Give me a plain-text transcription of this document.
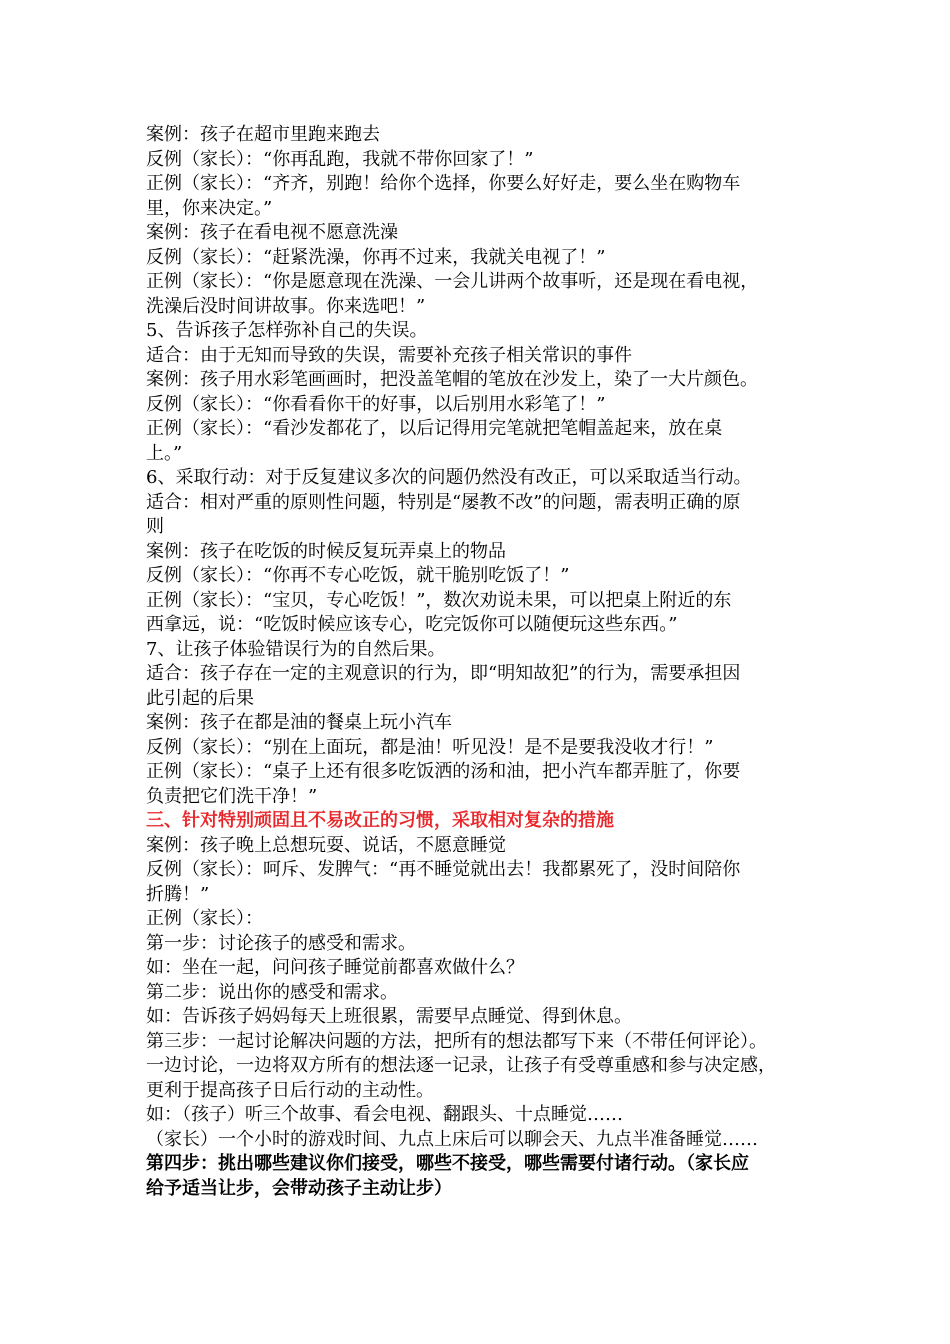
案例：孩子在超市里跑来跑去

反例（家长）：“你再乱跑，我就不带你回家了！”

正例（家长）：“齐齐，别跑！给你个选择，你要么好好走，要么坐在购物车

里，你来决定。”

案例：孩子在看电视不愿意洗澡

反例（家长）：“赶紧洗澡，你再不过来，我就关电视了！”

正例（家长）：“你是愿意现在洗澡、一会儿讲两个故事听，还是现在看电视，

洗澡后没时间讲故事。你来选吧！”

5、告诉孩子怎样弥补自己的失误。

适合：由于无知而导致的失误，需要补充孩子相关常识的事件

案例：孩子用水彩笔画画时，把没盖笔帽的笔放在沙发上，染了一大片颜色。

反例（家长）：“你看看你干的好事，以后别用水彩笔了！”

正例（家长）：“看沙发都花了，以后记得用完笔就把笔帽盖起来，放在桌

上。”

6、采取行动：对于反复建议多次的问题仍然没有改正，可以采取适当行动。

适合：相对严重的原则性问题，特别是“屡教不改”的问题，需表明正确的原

则

案例：孩子在吃饭的时候反复玩弄桌上的物品

反例（家长）：“你再不专心吃饭，就干脆别吃饭了！”

正例（家长）：“宝贝，专心吃饭！”，数次劝说未果，可以把桌上附近的东

西拿远，说：“吃饭时候应该专心，吃完饭你可以随便玩这些东西。”

7、让孩子体验错误行为的自然后果。

适合：孩子存在一定的主观意识的行为，即“明知故犯”的行为，需要承担因

此引起的后果

案例：孩子在都是油的餐桌上玩小汽车

反例（家长）：“别在上面玩，都是油！听见没！是不是要我没收才行！”

正例（家长）：“桌子上还有很多吃饭洒的汤和油，把小汽车都弄脏了，你要

负责把它们洗干净！”

三、针对特别顽固且不易改正的习惯，采取相对复杂的措施

案例：孩子晚上总想玩耍、说话，不愿意睡觉

反例（家长）：呵斥、发脾气：“再不睡觉就出去！我都累死了，没时间陪你

折腾！”

正例（家长）：

第一步：讨论孩子的感受和需求。

如：坐在一起，问问孩子睡觉前都喜欢做什么？

第二步：说出你的感受和需求。

如：告诉孩子妈妈每天上班很累，需要早点睡觉、得到休息。

第三步：一起讨论解决问题的方法，把所有的想法都写下来（不带任何评论）。

一边讨论，一边将双方所有的想法逐一记录，让孩子有受尊重感和参与决定感，

更利于提高孩子日后行动的主动性。

如：（孩子）听三个故事、看会电视、翻跟头、十点睡觉……

（家长）一个小时的游戏时间、九点上床后可以聊会天、九点半准备睡觉……

第四步：挑出哪些建议你们接受，哪些不接受，哪些需要付诸行动。（家长应

给予适当让步，会带动孩子主动让步）
